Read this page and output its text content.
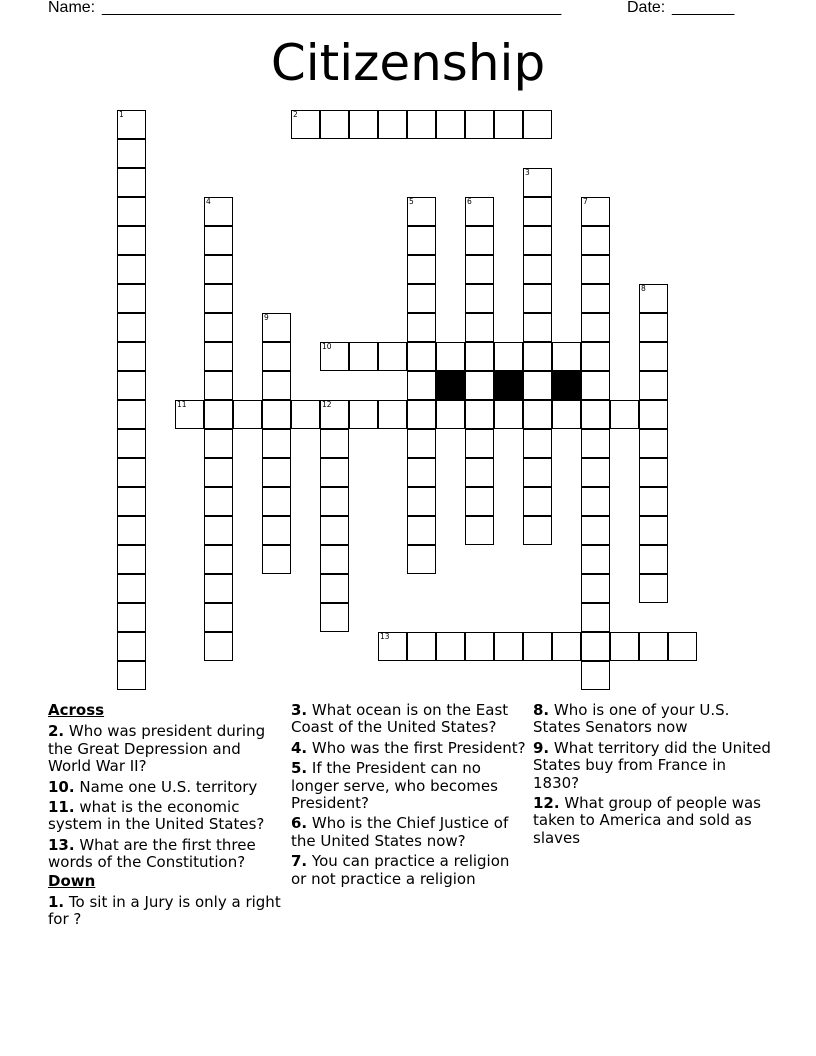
Name: ______________________________________________________	Date: _______
Citizenship
1	2
3
4	5	6	7
8
9
10
11	12
13
Across
2. Who was president during the Great Depression and World War II?
10. Name one U.S. territory
11. what is the economic system in the United States?
13. What are the first three words of the Constitution?
Down
1. To sit in a Jury is only a right for ?
3. What ocean is on the East Coast of the United States?
4. Who was the first President?
5. If the President can no longer serve, who becomes President?
6. Who is the Chief Justice of the United States now?
7. You can practice a religion or not practice a religion
8. Who is one of your U.S. States Senators now
9. What territory did the United States buy from France in 1830?
12. What group of people was taken to America and sold as slaves
